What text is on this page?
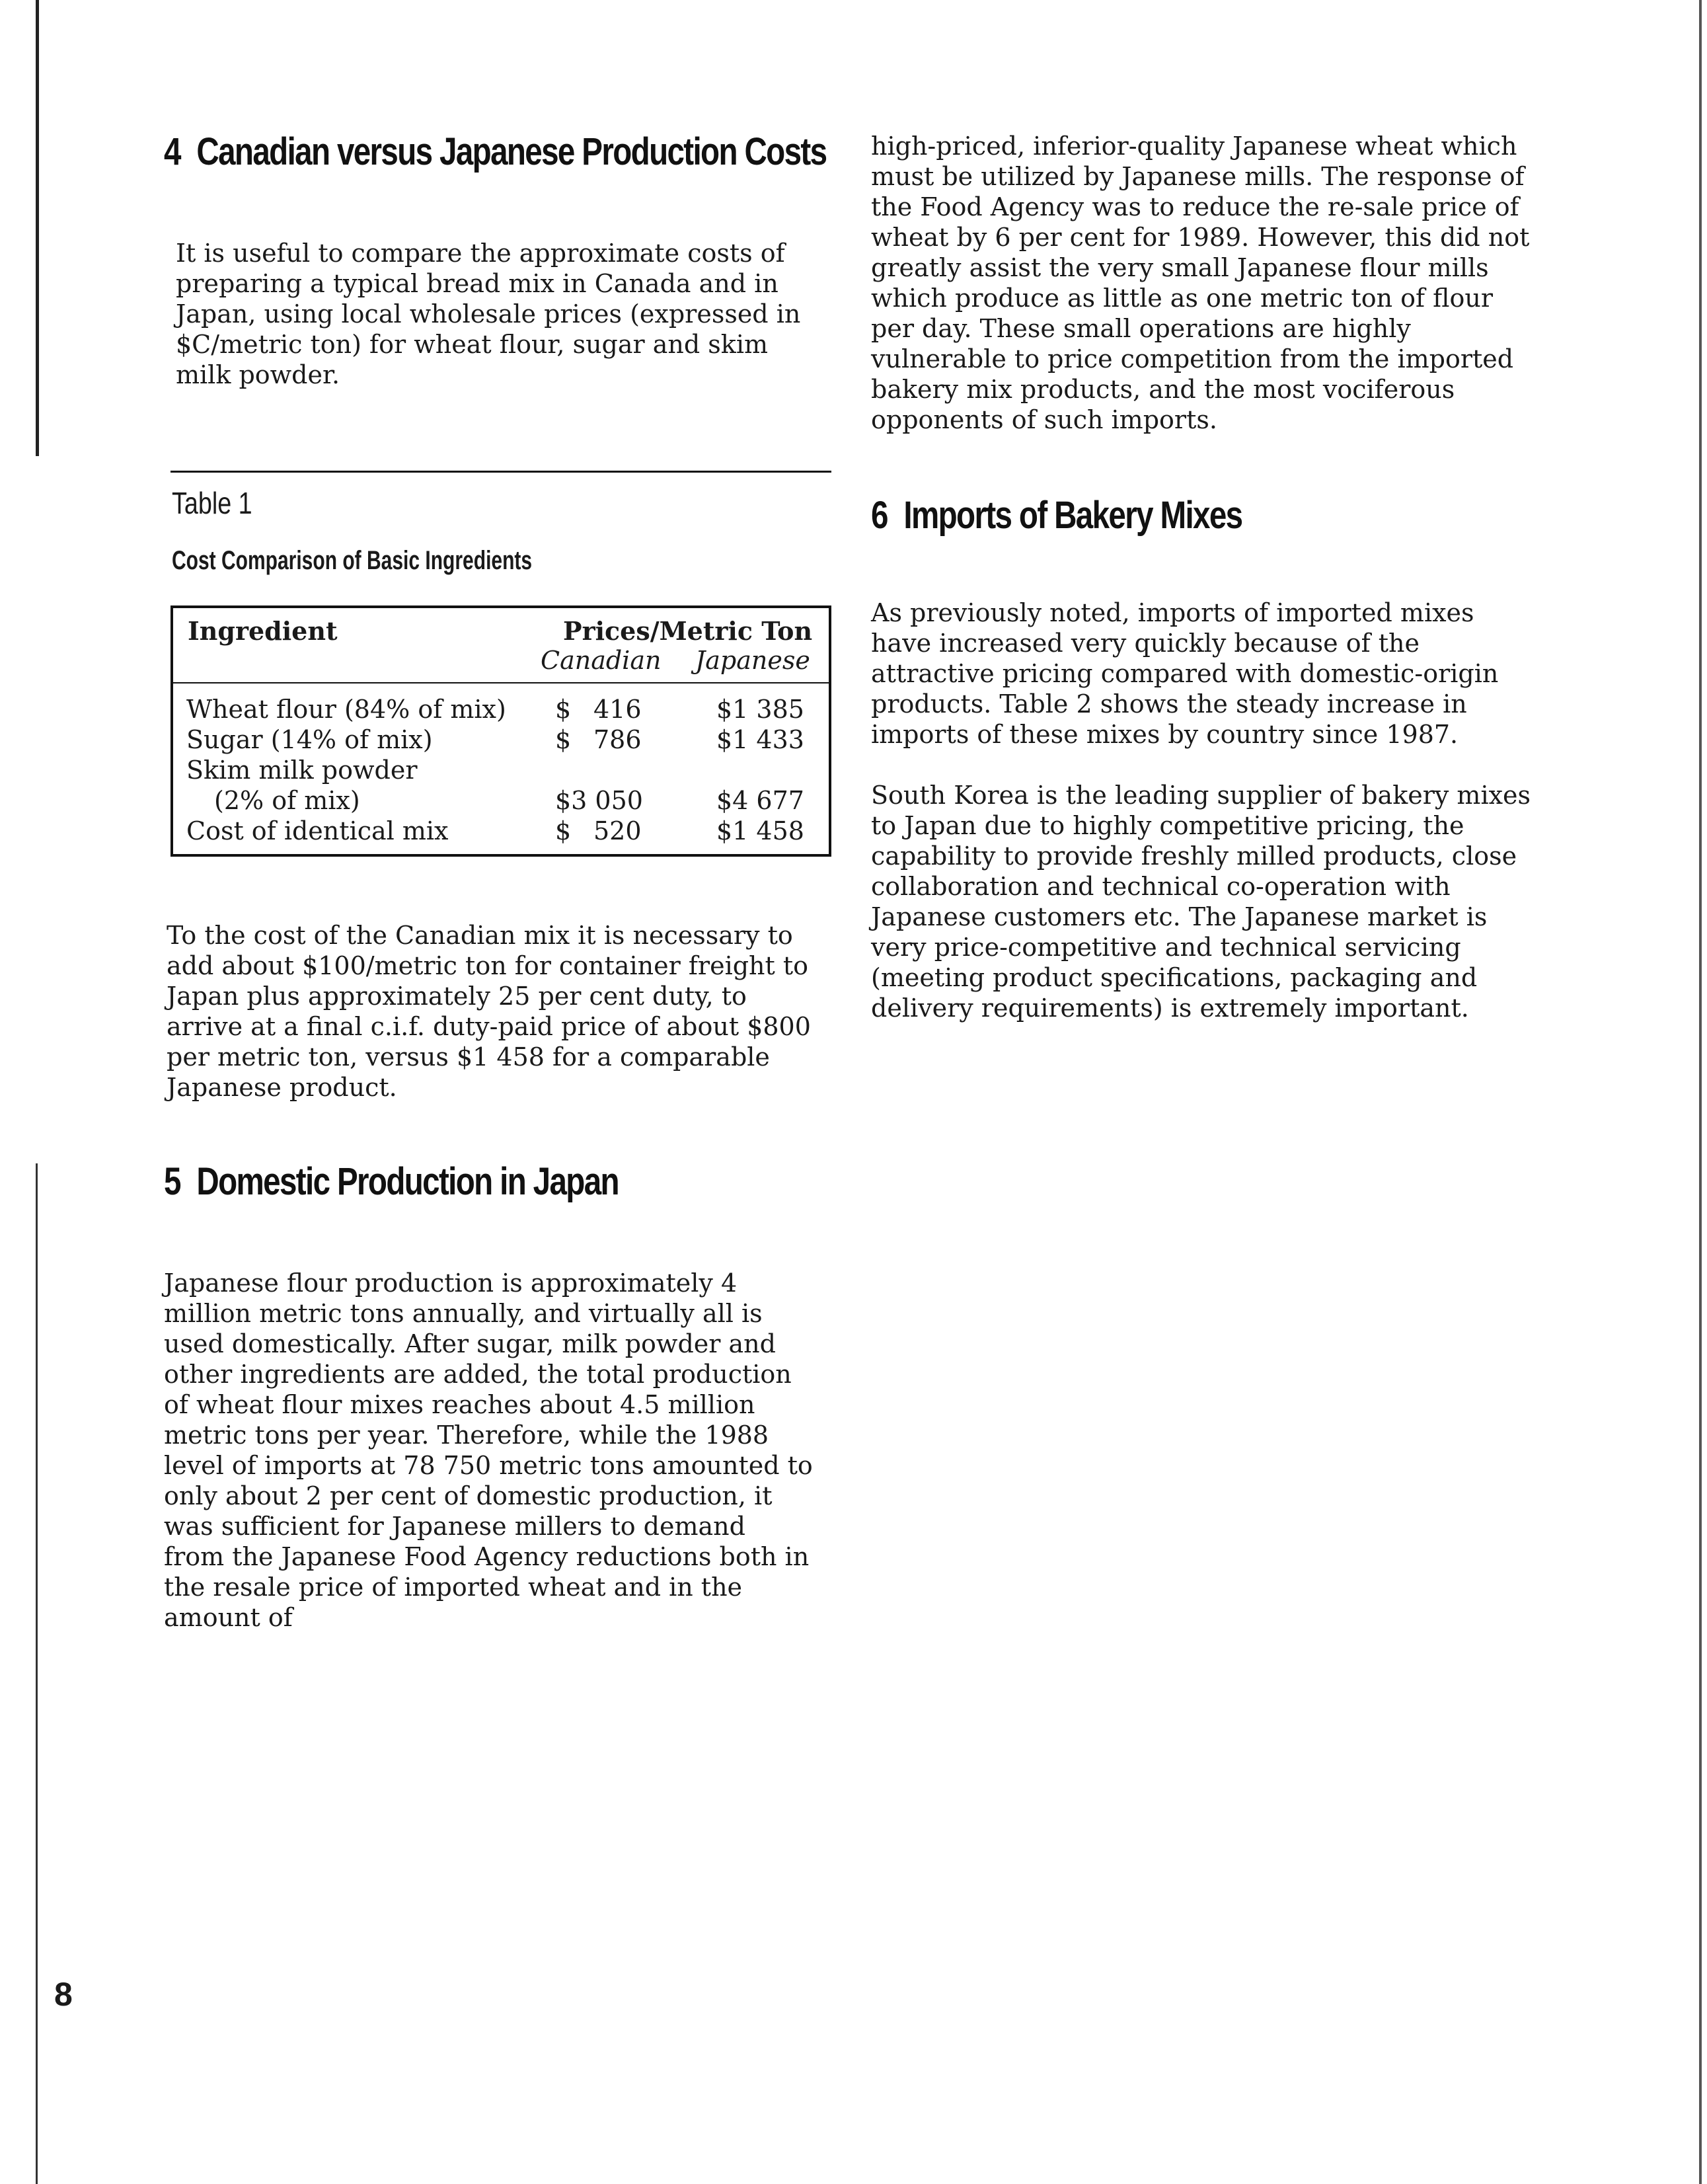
4 Canadian versus Japanese Production Costs

It is useful to compare the approximate costs of preparing a typical bread mix in Canada and in Japan, using local wholesale prices (expressed in $C/metric ton) for wheat flour, sugar and skim milk powder.

Table 1
Cost Comparison of Basic Ingredients
Ingredient	Prices/Metric Ton
Canadian Japanese
Wheat flour (84% of mix) $ 416	$1 385
Sugar (14% of mix)	$ 786	$1 433
Skim milk powder
(2% of mix)	$3 050	$4 677
Cost of identical mix	$ 520	$1 458

To the cost of the Canadian mix it is necessary to add about $100/metric ton for container freight to Japan plus approximately 25 per cent duty, to arrive at a final c.i.f. duty-paid price of about $800 per metric ton, versus $1 458 for a comparable Japanese product.

5 Domestic Production in Japan

Japanese flour production is approximately 4 million metric tons annually, and virtually all is used domestically. After sugar, milk powder and other ingredients are added, the total production of wheat flour mixes reaches about 4.5 million metric tons per year. Therefore, while the 1988 level of imports at 78 750 metric tons amounted to only about 2 per cent of domestic production, it was sufficient for Japanese millers to demand from the Japanese Food Agency reductions both in the resale price of imported wheat and in the amount of

high-priced, inferior-quality Japanese wheat which must be utilized by Japanese mills. The response of the Food Agency was to reduce the re-sale price of wheat by 6 per cent for 1989. However, this did not greatly assist the very small Japanese flour mills which produce as little as one metric ton of flour per day. These small operations are highly vulnerable to price competition from the imported bakery mix products, and the most vociferous opponents of such imports.

6 Imports of Bakery Mixes

As previously noted, imports of imported mixes have increased very quickly because of the attractive pricing compared with domestic-origin products. Table 2 shows the steady increase in imports of these mixes by country since 1987.

South Korea is the leading supplier of bakery mixes to Japan due to highly competitive pricing, the capability to provide freshly milled products, close collaboration and technical co-operation with Japanese customers etc. The Japanese market is very price-competitive and technical servicing (meeting product specifications, packaging and delivery requirements) is extremely important.

8
